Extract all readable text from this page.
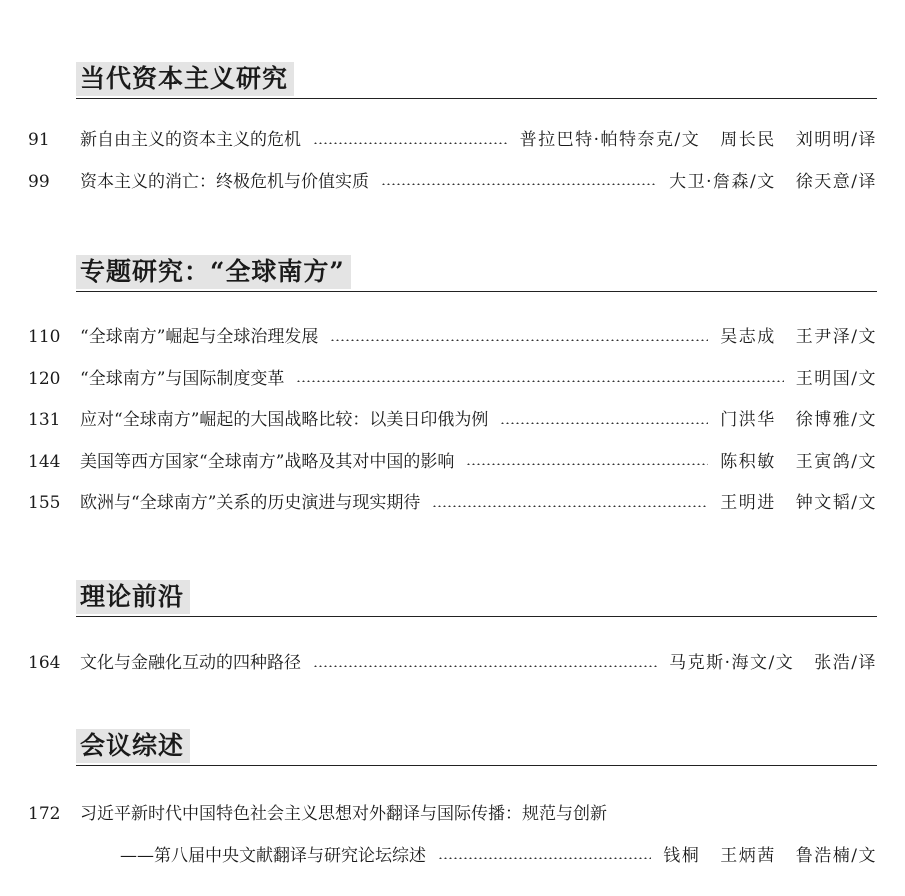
当代资本主义研究
91	新自由主义的资本主义的危机	普拉巴特·帕特奈克/文 周长民 刘明明/译
99	资本主义的消亡：终极危机与价值实质	大卫·詹森/文 徐天意/译
专题研究：“全球南方”
110	“全球南方”崛起与全球治理发展	吴志成 王尹泽/文
120	“全球南方”与国际制度变革	王明国/文
131	应对“全球南方”崛起的大国战略比较：以美日印俄为例	门洪华 徐博雅/文
144	美国等西方国家“全球南方”战略及其对中国的影响	陈积敏 王寅鸽/文
155	欧洲与“全球南方”关系的历史演进与现实期待	王明进 钟文韬/文
理论前沿
164	文化与金融化互动的四种路径	马克斯·海文/文 张浩/译
会议综述
172	习近平新时代中国特色社会主义思想对外翻译与国际传播：规范与创新
——第八届中央文献翻译与研究论坛综述	钱桐 王炳茜 鲁浩楠/文
